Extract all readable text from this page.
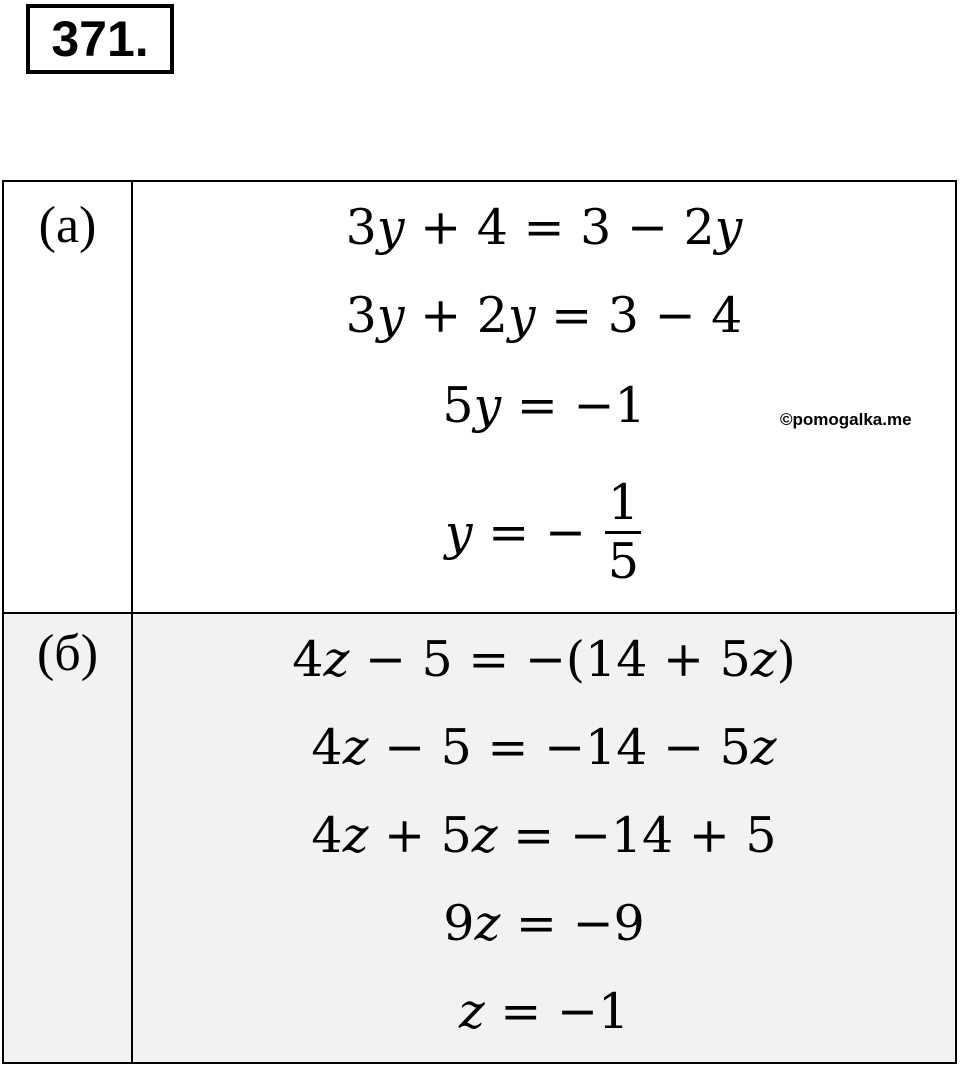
371.
(а)	3y + 4 = 3 − 2y
3y + 2y = 3 − 4
5y = −1	©pomogalka.me
y = − $\frac{1}{5}$
(б)	4z − 5 = −(14 + 5z)
4z − 5 = −14 − 5z
4z + 5z = −14 + 5
9z = −9
z = −1
